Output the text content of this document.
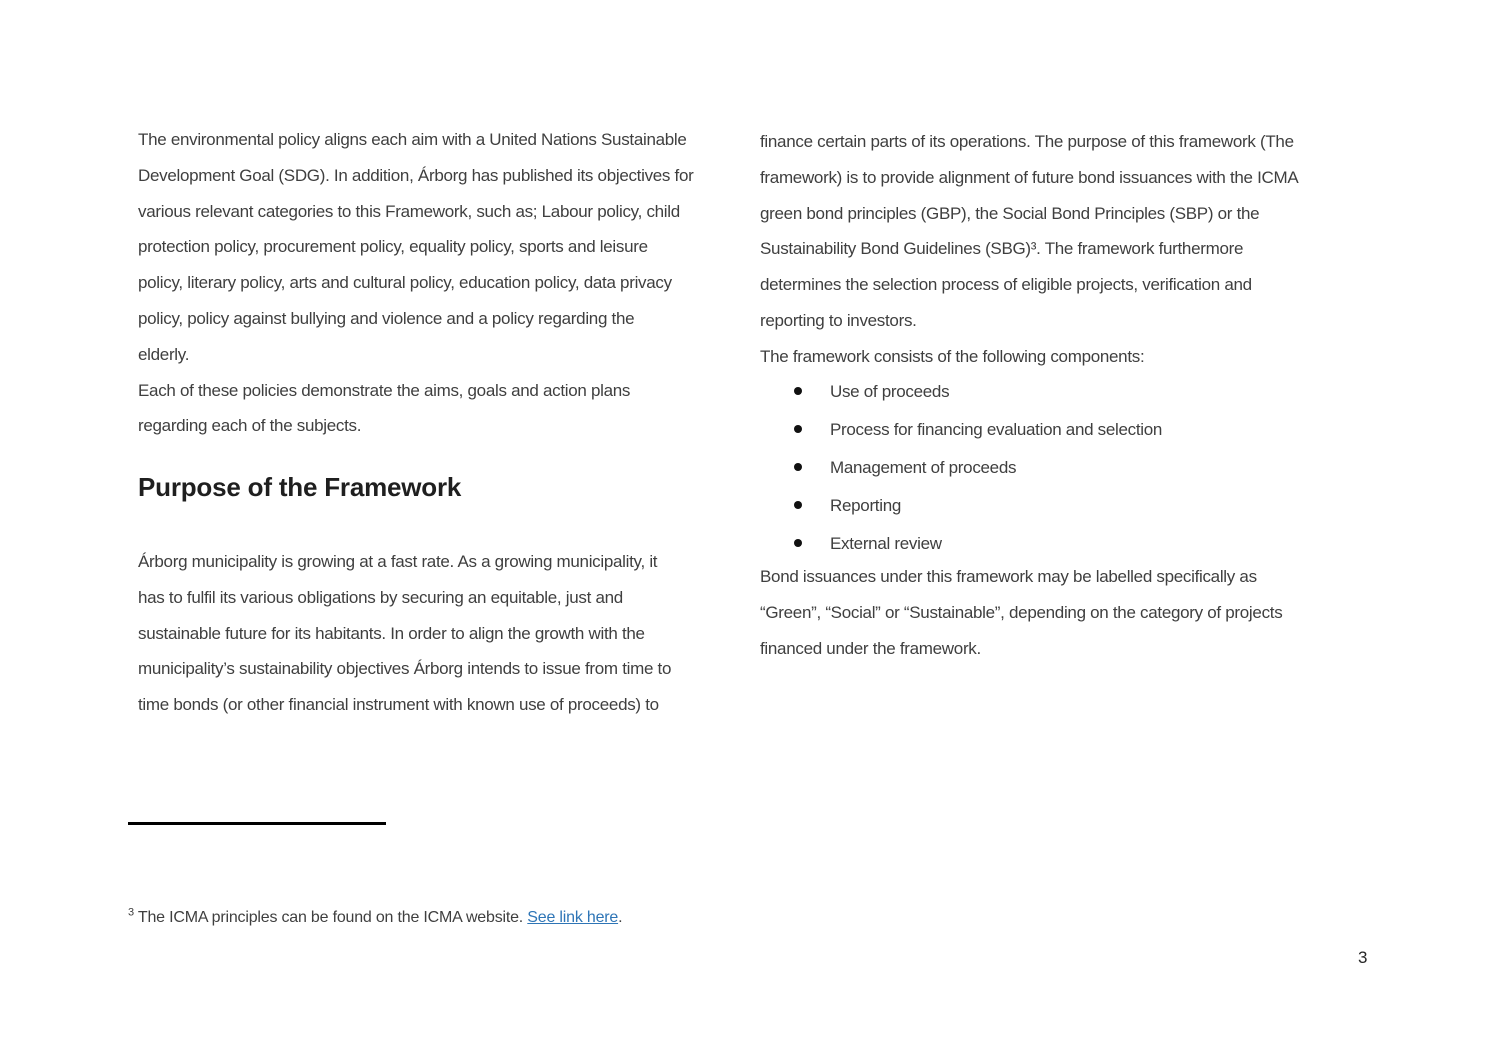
The environmental policy aligns each aim with a United Nations Sustainable
Development Goal (SDG). In addition, Árborg has published its objectives for
various relevant categories to this Framework, such as; Labour policy, child
protection policy, procurement policy, equality policy, sports and leisure
policy, literary policy, arts and cultural policy, education policy, data privacy
policy, policy against bullying and violence and a policy regarding the
elderly.
Each of these policies demonstrate the aims, goals and action plans
regarding each of the subjects.
Purpose of the Framework
Árborg municipality is growing at a fast rate. As a growing municipality, it
has to fulfil its various obligations by securing an equitable, just and
sustainable future for its habitants. In order to align the growth with the
municipality’s sustainability objectives Árborg intends to issue from time to
time bonds (or other financial instrument with known use of proceeds) to
finance certain parts of its operations. The purpose of this framework (The
framework) is to provide alignment of future bond issuances with the ICMA
green bond principles (GBP), the Social Bond Principles (SBP) or the
Sustainability Bond Guidelines (SBG)³. The framework furthermore
determines the selection process of eligible projects, verification and
reporting to investors.
The framework consists of the following components:
Use of proceeds
Process for financing evaluation and selection
Management of proceeds
Reporting
External review
Bond issuances under this framework may be labelled specifically as
“Green”, “Social” or “Sustainable”, depending on the category of projects
financed under the framework.
$^3$ The ICMA principles can be found on the ICMA website. See link here.
3
